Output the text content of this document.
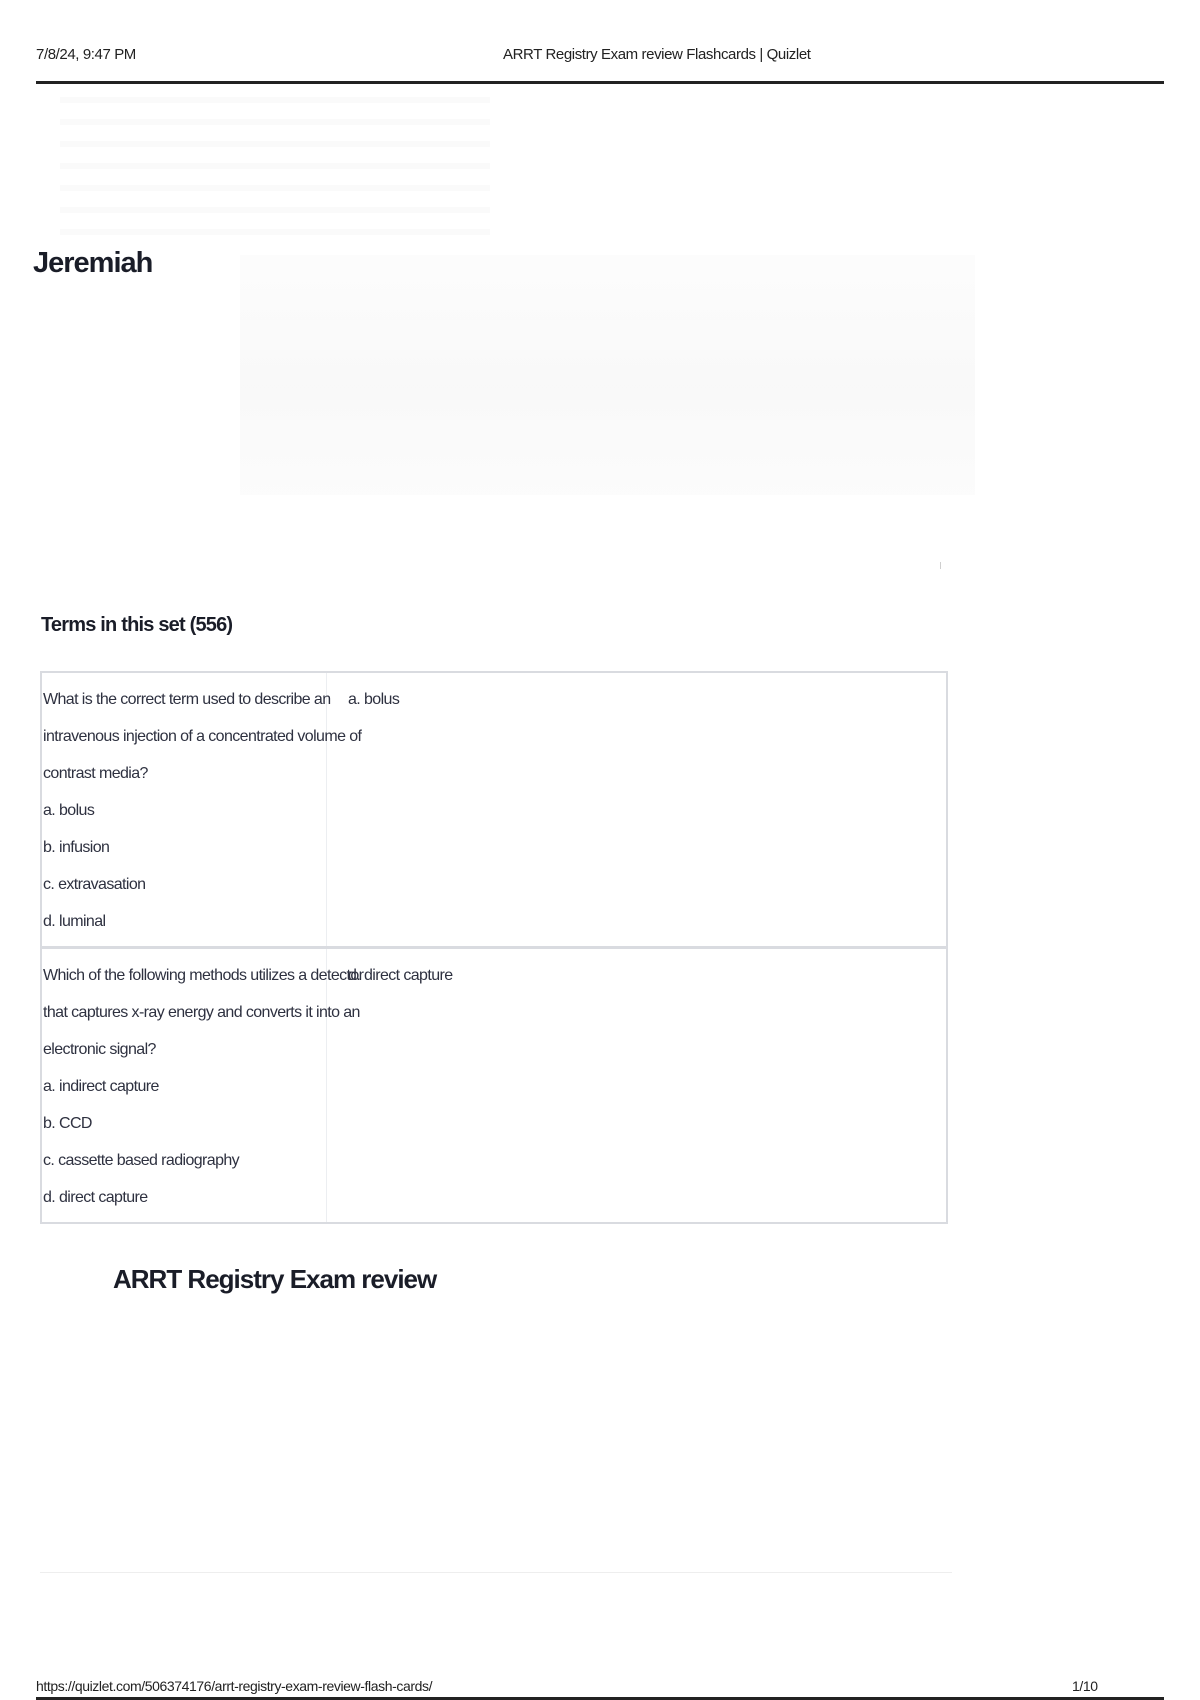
7/8/24, 9:47 PM	ARRT Registry Exam review Flashcards | Quizlet
Jeremiah
Terms in this set (556)
What is the correct term used to describe an
intravenous injection of a concentrated volume of
contrast media?
a. bolus
b. infusion
c. extravasation
d. luminal
a. bolus
Which of the following methods utilizes a detector
that captures x-ray energy and converts it into an
electronic signal?
a. indirect capture
b. CCD
c. cassette based radiography
d. direct capture
d. direct capture
ARRT Registry Exam review
https://quizlet.com/506374176/arrt-registry-exam-review-flash-cards/	1/10
